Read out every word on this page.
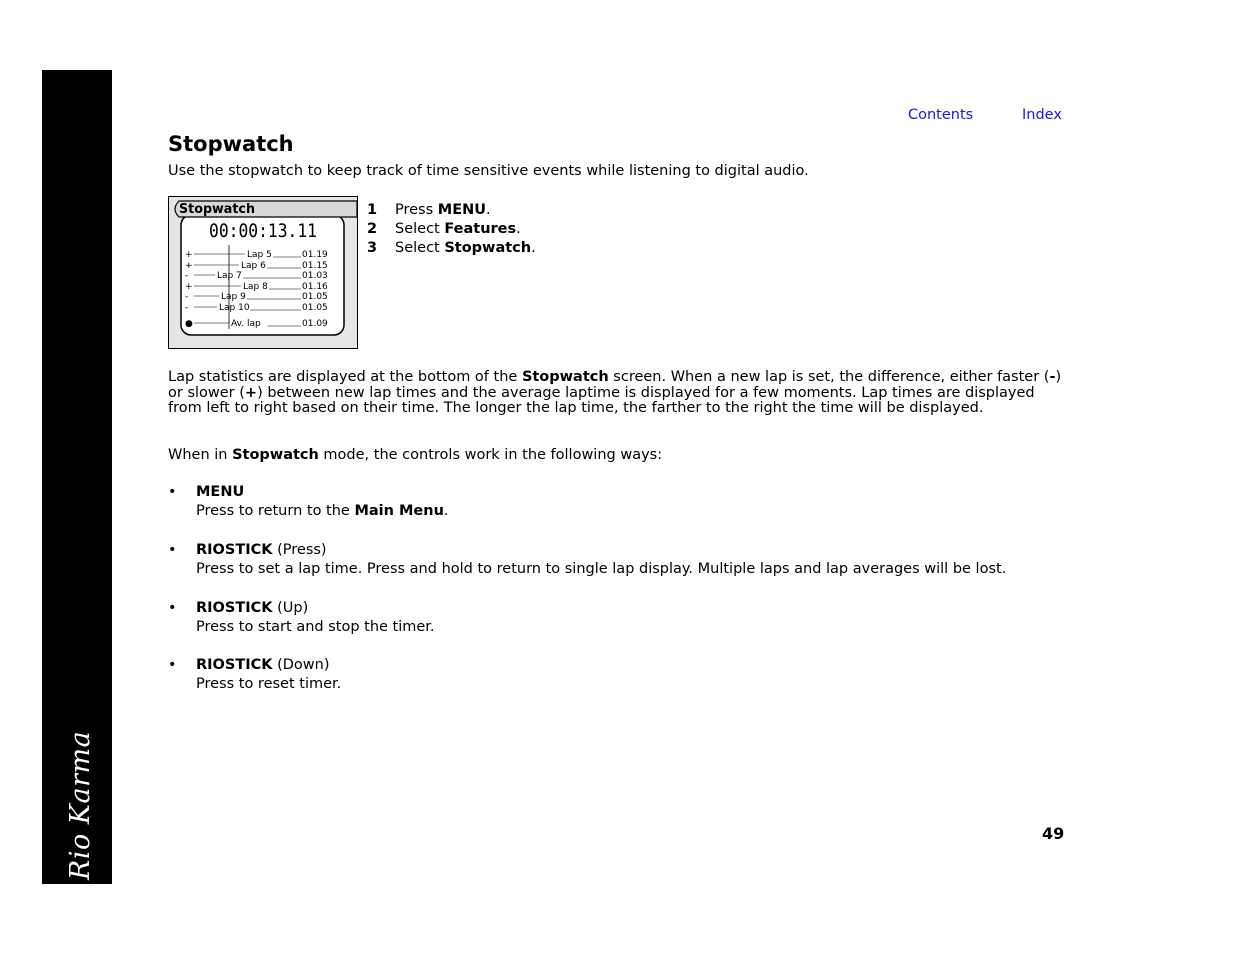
Rio Karma
Contents	Index
Stopwatch

Use the stopwatch to keep track of time sensitive events while listening to digital audio.

Stopwatch
00:00:13.11
+	Lap 5	01.19
+	Lap 6	01.15
-	Lap 7	01.03
+	Lap 8	01.16
-	Lap 9	01.05
-	Lap 10	01.05
●	Av. lap	01.09
1 Press MENU.
2 Select Features.
3 Select Stopwatch.

Lap statistics are displayed at the bottom of the Stopwatch screen. When a new lap is set, the difference, either faster (-) or slower (+) between new lap times and the average laptime is displayed for a few moments. Lap times are displayed from left to right based on their time. The longer the lap time, the farther to the right the time will be displayed.

When in Stopwatch mode, the controls work in the following ways:

• MENU
Press to return to the Main Menu.
• RIOSTICK (Press)
Press to set a lap time. Press and hold to return to single lap display. Multiple laps and lap averages will be lost.
• RIOSTICK (Up)
Press to start and stop the timer.
• RIOSTICK (Down)
Press to reset timer.
49
